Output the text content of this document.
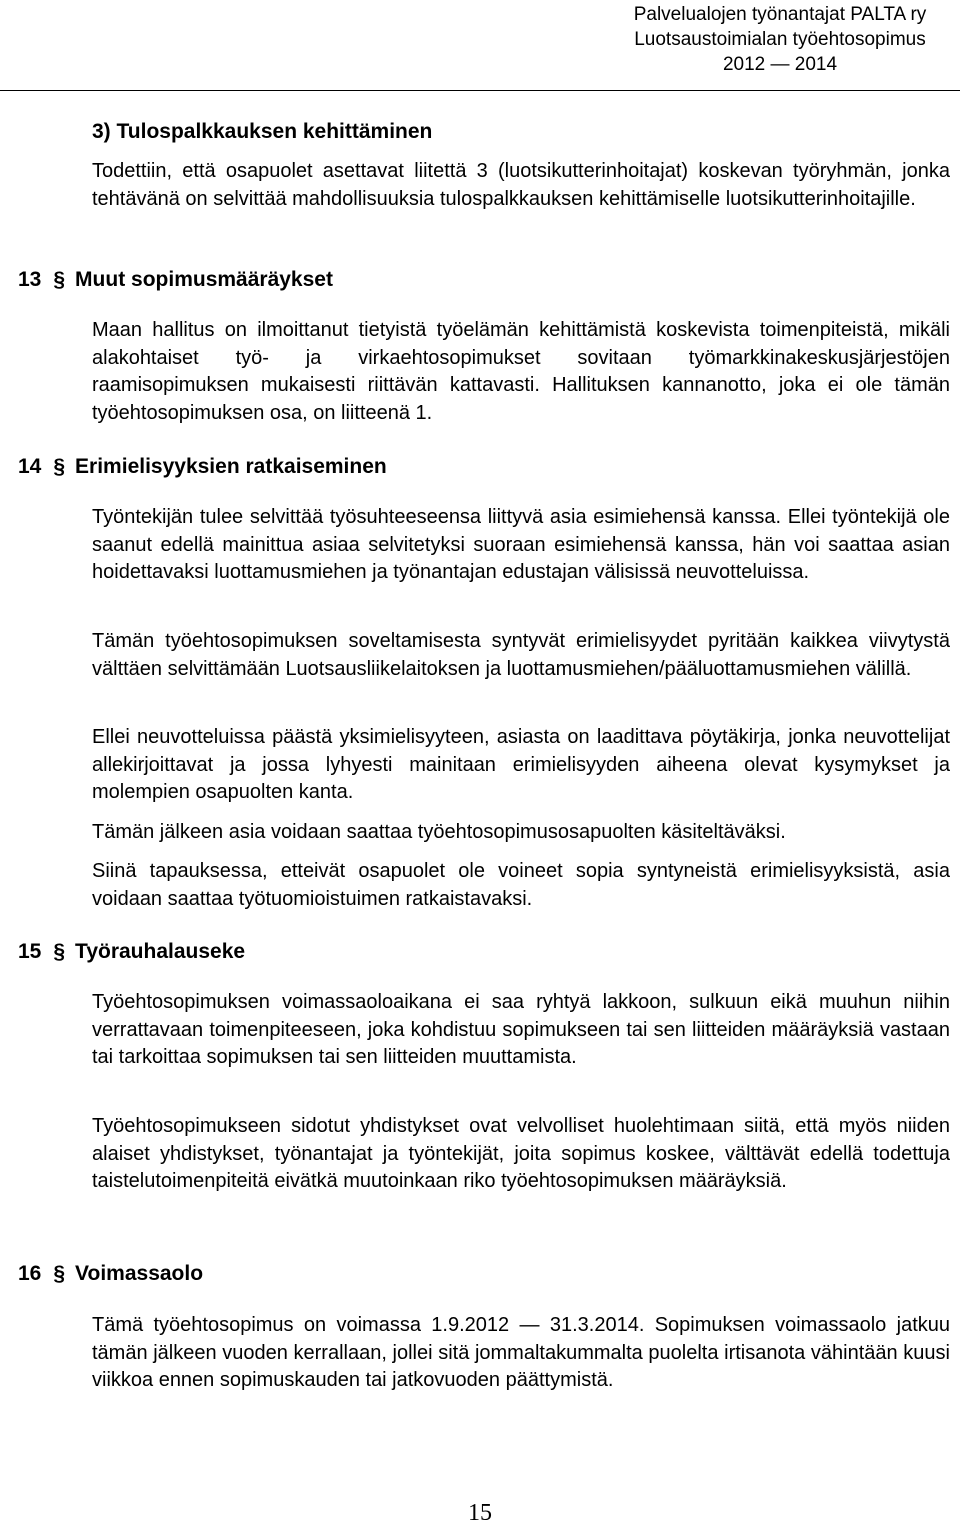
Palvelualojen työnantajat PALTA ry
Luotsaustoimialan työehtosopimus
2012 — 2014
3) Tulospalkkauksen kehittäminen

Todettiin, että osapuolet asettavat liitettä 3 (luotsikutterinhoitajat) koskevan työryhmän, jonka tehtävänä on selvittää mahdollisuuksia tulospalkkauksen kehittämiselle luotsikutterinhoitajille.

13 § Muut sopimusmääräykset

Maan hallitus on ilmoittanut tietyistä työelämän kehittämistä koskevista toimenpiteistä, mikäli alakohtaiset työ- ja virkaehtosopimukset sovitaan työmarkkinakeskusjärjestöjen raamisopimuksen mukaisesti riittävän kattavasti. Hallituksen kannanotto, joka ei ole tämän työehtosopimuksen osa, on liitteenä 1.

14 § Erimielisyyksien ratkaiseminen

Työntekijän tulee selvittää työsuhteeseensa liittyvä asia esimiehensä kanssa. Ellei työntekijä ole saanut edellä mainittua asiaa selvitetyksi suoraan esimiehensä kanssa, hän voi saattaa asian hoidettavaksi luottamusmiehen ja työnantajan edustajan välisissä neuvotteluissa.

Tämän työehtosopimuksen soveltamisesta syntyvät erimielisyydet pyritään kaikkea viivytystä välttäen selvittämään Luotsausliikelaitoksen ja luottamusmiehen/pääluottamusmiehen välillä.

Ellei neuvotteluissa päästä yksimielisyyteen, asiasta on laadittava pöytäkirja, jonka neuvottelijat allekirjoittavat ja jossa lyhyesti mainitaan erimielisyyden aiheena olevat kysymykset ja molempien osapuolten kanta.

Tämän jälkeen asia voidaan saattaa työehtosopimusosapuolten käsiteltäväksi.

Siinä tapauksessa, etteivät osapuolet ole voineet sopia syntyneistä erimielisyyksistä, asia voidaan saattaa työtuomioistuimen ratkaistavaksi.

15 § Työrauhalauseke

Työehtosopimuksen voimassaoloaikana ei saa ryhtyä lakkoon, sulkuun eikä muuhun niihin verrattavaan toimenpiteeseen, joka kohdistuu sopimukseen tai sen liitteiden määräyksiä vastaan tai tarkoittaa sopimuksen tai sen liitteiden muuttamista.

Työehtosopimukseen sidotut yhdistykset ovat velvolliset huolehtimaan siitä, että myös niiden alaiset yhdistykset, työnantajat ja työntekijät, joita sopimus koskee, välttävät edellä todettuja taistelutoimenpiteitä eivätkä muutoinkaan riko työehtosopimuksen määräyksiä.

16 § Voimassaolo

Tämä työehtosopimus on voimassa 1.9.2012 — 31.3.2014. Sopimuksen voimassaolo jatkuu tämän jälkeen vuoden kerrallaan, jollei sitä jommaltakummalta puolelta irtisanota vähintään kuusi viikkoa ennen sopimuskauden tai jatkovuoden päättymistä.

15
